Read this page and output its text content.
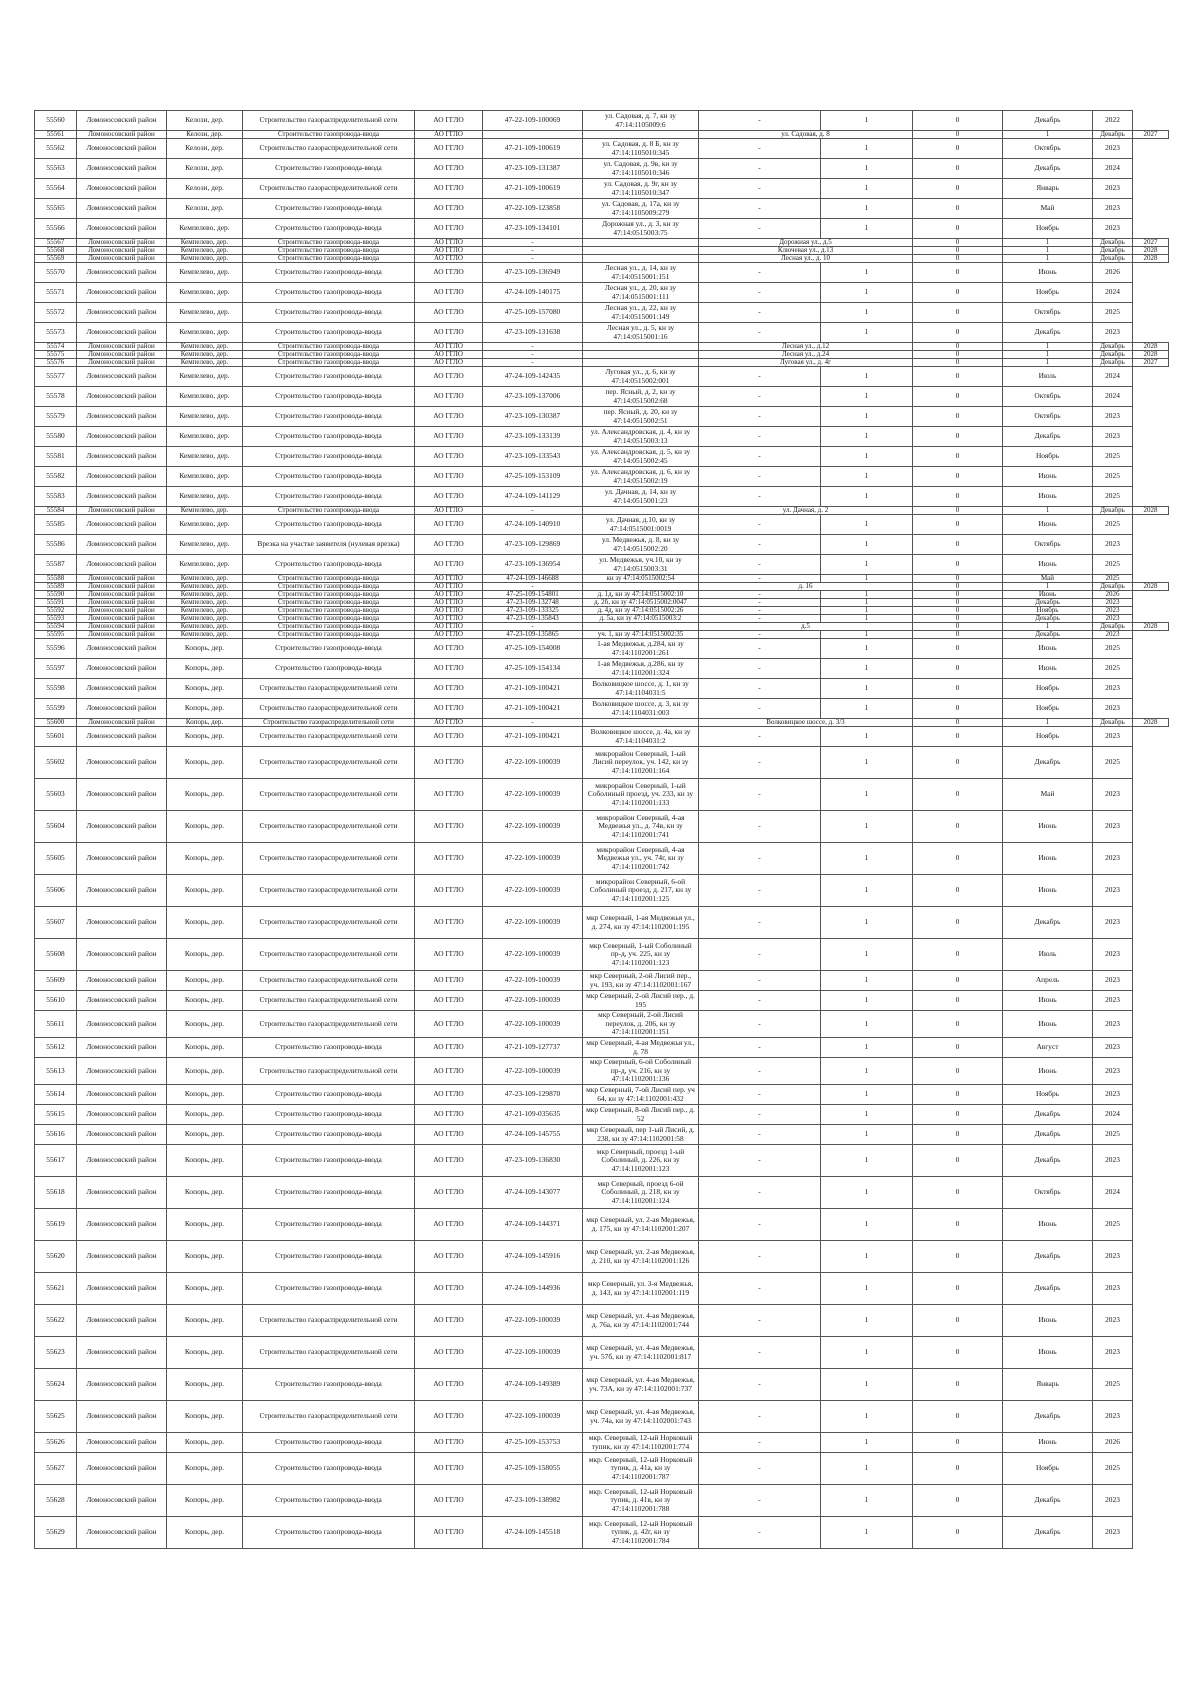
55560	Ломоносовский район	Келози, дер.	Строительство газораспределительной сети	АО ГГЛО	47-22-109-100069	ул. Садовая, д. 7, кн зу 47:14:1105009:6	-	1	0	Декабрь	2022	
55561	Ломоносовский район	Келози, дер.	Строительство газопровода-ввода	АО ГГЛО			ул. Садовая, д. 8		0	1	Декабрь	2027
55562	Ломоносовский район	Келози, дер.	Строительство газораспределительной сети	АО ГГЛО	47-21-109-100619	ул. Садовая, д. 8 Б, кн зу 47:14:1105010:345	-	1	0	Октябрь	2023	
55563	Ломоносовский район	Келози, дер.	Строительство газопровода-ввода	АО ГГЛО	47-23-109-131387	ул. Садовая, д. 9в, кн зу 47:14:1105010:346	-	1	0	Декабрь	2024	
55564	Ломоносовский район	Келози, дер.	Строительство газораспределительной сети	АО ГГЛО	47-21-109-100619	ул. Садовая, д. 9г, кн зу 47:14:1105010:347	-	1	0	Январь	2023	
55565	Ломоносовский район	Келози, дер.	Строительство газопровода-ввода	АО ГГЛО	47-22-109-123858	ул. Садовая, д. 17а, кн зу 47:14:1105009:279	-	1	0	Май	2023	
55566	Ломоносовский район	Кемпелево, дер.	Строительство газопровода-ввода	АО ГГЛО	47-23-109-134101	Дорожная ул., д. 3, кн зу 47:14:0515003:75	-	1	0	Ноябрь	2023	
55567	Ломоносовский район	Кемпелево, дер.	Строительство газопровода-ввода	АО ГГЛО	-		Дорожная ул., д.5		0	1	Декабрь	2027
55568	Ломоносовский район	Кемпелево, дер.	Строительство газопровода-ввода	АО ГГЛО	-		Ключевая ул., д.13		0	1	Декабрь	2028
55569	Ломоносовский район	Кемпелево, дер.	Строительство газопровода-ввода	АО ГГЛО	-		Лесная ул., д. 10		0	1	Декабрь	2028
55570	Ломоносовский район	Кемпелево, дер.	Строительство газопровода-ввода	АО ГГЛО	47-23-109-136949	Лесная ул., д. 14, кн зу 47:14:0515001:151	-	1	0	Июнь	2026	
55571	Ломоносовский район	Кемпелево, дер.	Строительство газопровода-ввода	АО ГГЛО	47-24-109-140175	Лесная ул., д. 20, кн зу 47:14:0515001:111	-	1	0	Ноябрь	2024	
55572	Ломоносовский район	Кемпелево, дер.	Строительство газопровода-ввода	АО ГГЛО	47-25-109-157080	Лесная ул., д. 22, кн зу 47:14:0515001:149	-	1	0	Октябрь	2025	
55573	Ломоносовский район	Кемпелево, дер.	Строительство газопровода-ввода	АО ГГЛО	47-23-109-131638	Лесная ул., д. 5, кн зу 47:14:0515001:16	-	1	0	Декабрь	2023	
55574	Ломоносовский район	Кемпелево, дер.	Строительство газопровода-ввода	АО ГГЛО	-		Лесная ул., д.12		0	1	Декабрь	2028
55575	Ломоносовский район	Кемпелево, дер.	Строительство газопровода-ввода	АО ГГЛО	-		Лесная ул., д.24		0	1	Декабрь	2028
55576	Ломоносовский район	Кемпелево, дер.	Строительство газопровода-ввода	АО ГГЛО	-		Луговая ул., д. 4г		0	1	Декабрь	2027
55577	Ломоносовский район	Кемпелево, дер.	Строительство газопровода-ввода	АО ГГЛО	47-24-109-142435	Луговая ул., д. 6, кн зу 47:14:0515002:001	-	1	0	Июль	2024	
55578	Ломоносовский район	Кемпелево, дер.	Строительство газопровода-ввода	АО ГГЛО	47-23-109-137006	пер. Ясный, д. 2, кн зу 47:14:0515002:68	-	1	0	Октябрь	2024	
55579	Ломоносовский район	Кемпелево, дер.	Строительство газопровода-ввода	АО ГГЛО	47-23-109-130387	пер. Ясный, д. 20, кн зу 47:14:0515002:51	-	1	0	Октябрь	2023	
55580	Ломоносовский район	Кемпелево, дер.	Строительство газопровода-ввода	АО ГГЛО	47-23-109-133139	ул. Александровская, д. 4, кн зу 47:14:0515003:13	-	1	0	Декабрь	2023	
55581	Ломоносовский район	Кемпелево, дер.	Строительство газопровода-ввода	АО ГГЛО	47-23-109-133543	ул. Александровская, д. 5, кн зу 47:14:0515002:45	-	1	0	Ноябрь	2025	
55582	Ломоносовский район	Кемпелево, дер.	Строительство газопровода-ввода	АО ГГЛО	47-25-109-153109	ул. Александровская, д. 6, кн зу 47:14:0515002:19	-	1	0	Июнь	2025	
55583	Ломоносовский район	Кемпелево, дер.	Строительство газопровода-ввода	АО ГГЛО	47-24-109-141129	ул. Дачная, д. 14, кн зу 47:14:0515001:23	-	1	0	Июнь	2025	
55584	Ломоносовский район	Кемпелево, дер.	Строительство газопровода-ввода	АО ГГЛО	-		ул. Дачная, д. 2		0	1	Декабрь	2028
55585	Ломоносовский район	Кемпелево, дер.	Строительство газопровода-ввода	АО ГГЛО	47-24-109-140910	ул. Дачная, д.10, кн зу 47:14:0515001:0019	-	1	0	Июнь	2025	
55586	Ломоносовский район	Кемпелево, дер.	Врезка на участке заявителя (нулевая врезка)	АО ГГЛО	47-23-109-129869	ул. Медвежья, д. 8, кн зу 47:14:0515002:20	-	1	0	Октябрь	2023	
55587	Ломоносовский район	Кемпелево, дер.	Строительство газопровода-ввода	АО ГГЛО	47-23-109-136954	ул. Медвежья, уч.10, кн зу 47:14:0515003:31	-	1	0	Июнь	2025	
55588	Ломоносовский район	Кемпелево, дер.	Строительство газопровода-ввода	АО ГГЛО	47-24-109-146688	кн зу 47:14:0515002:54	-	1	0	Май	2025	
55589	Ломоносовский район	Кемпелево, дер.	Строительство газопровода-ввода	АО ГГЛО	-		д. 16		0	1	Декабрь	2028
55590	Ломоносовский район	Кемпелево, дер.	Строительство газопровода-ввода	АО ГГЛО	47-25-109-154801	д. 1д, кн зу 47:14:0515002:10	-	1	0	Июнь	2026	
55591	Ломоносовский район	Кемпелево, дер.	Строительство газопровода-ввода	АО ГГЛО	47-23-109-132748	д. 2б, кн зу 47:14:0515002:0047	-	1	0	Декабрь	2023	
55592	Ломоносовский район	Кемпелево, дер.	Строительство газопровода-ввода	АО ГГЛО	47-23-109-133325	д. 4д, кн зу 47:14:0515002:26	-	1	0	Ноябрь	2023	
55593	Ломоносовский район	Кемпелево, дер.	Строительство газопровода-ввода	АО ГГЛО	47-23-109-135843	д. 5а, кн зу 47:14:0515003:2	-	1	0	Декабрь	2023	
55594	Ломоносовский район	Кемпелево, дер.	Строительство газопровода-ввода	АО ГГЛО	-		д.5		0	1	Декабрь	2028
55595	Ломоносовский район	Кемпелево, дер.	Строительство газопровода-ввода	АО ГГЛО	47-23-109-135865	уч. 1, кн зу 47:14:0515002:35	-	1	0	Декабрь	2023	
55596	Ломоносовский район	Копорь, дер.	Строительство газопровода-ввода	АО ГГЛО	47-25-109-154008	1-ая Медвежья, д.284, кн зу 47:14:1102001:261	-	1	0	Июнь	2025	
55597	Ломоносовский район	Копорь, дер.	Строительство газопровода-ввода	АО ГГЛО	47-25-109-154134	1-ая Медвежья, д.286, кн зу 47:14:1102001:324	-	1	0	Июнь	2025	
55598	Ломоносовский район	Копорь, дер.	Строительство газораспределительной сети	АО ГГЛО	47-21-109-100421	Волковицкое шоссе, д. 1, кн зу 47:14:1104031:5	-	1	0	Ноябрь	2023	
55599	Ломоносовский район	Копорь, дер.	Строительство газораспределительной сети	АО ГГЛО	47-21-109-100421	Волковицкое шоссе, д. 3, кн зу 47:14:1104031:003	-	1	0	Ноябрь	2023	
55600	Ломоносовский район	Копорь, дер.	Строительство газораспределительной сети	АО ГГЛО	-		Волковицкое шоссе, д. 3/3		0	1	Декабрь	2028
55601	Ломоносовский район	Копорь, дер.	Строительство газораспределительной сети	АО ГГЛО	47-21-109-100421	Волковицкое шоссе, д. 4а, кн зу 47:14:1104031:2	-	1	0	Ноябрь	2023	
55602	Ломоносовский район	Копорь, дер.	Строительство газораспределительной сети	АО ГГЛО	47-22-109-100039	микрорайон Северный, 1-ый Лисий переулок, уч. 142, кн зу 47:14:1102001:164	-	1	0	Декабрь	2025	
55603	Ломоносовский район	Копорь, дер.	Строительство газораспределительной сети	АО ГГЛО	47-22-109-100039	микрорайон Северный, 1-ый Соболиный проезд, уч. 233, кн зу 47:14:1102001:133	-	1	0	Май	2023	
55604	Ломоносовский район	Копорь, дер.	Строительство газораспределительной сети	АО ГГЛО	47-22-109-100039	микрорайон Северный, 4-ая Медвежья ул., д. 74в, кн зу 47:14:1102001:741	-	1	0	Июнь	2023	
55605	Ломоносовский район	Копорь, дер.	Строительство газораспределительной сети	АО ГГЛО	47-22-109-100039	микрорайон Северный, 4-ая Медвежья ул., уч. 74г, кн зу 47:14:1102001:742	-	1	0	Июнь	2023	
55606	Ломоносовский район	Копорь, дер.	Строительство газораспределительной сети	АО ГГЛО	47-22-109-100039	микрорайон Северный, 6-ой Соболиный проезд, д. 217, кн зу 47:14:1102001:125	-	1	0	Июнь	2023	
55607	Ломоносовский район	Копорь, дер.	Строительство газораспределительной сети	АО ГГЛО	47-22-109-100039	мкр Северный, 1-ая Медвежья ул., д. 274, кн зу 47:14:1102001:195	-	1	0	Декабрь	2023	
55608	Ломоносовский район	Копорь, дер.	Строительство газораспределительной сети	АО ГГЛО	47-22-109-100039	мкр Северный, 1-ый Соболиный пр-д, уч. 225, кн зу 47:14:1102001:123	-	1	0	Июль	2023	
55609	Ломоносовский район	Копорь, дер.	Строительство газораспределительной сети	АО ГГЛО	47-22-109-100039	мкр Северный, 2-ой Лисий пер., уч. 193, кн зу 47:14:1102001:167	-	1	0	Апрель	2023	
55610	Ломоносовский район	Копорь, дер.	Строительство газораспределительной сети	АО ГГЛО	47-22-109-100039	мкр Северный, 2-ой Лисий пер., д. 195	-	1	0	Июнь	2023	
55611	Ломоносовский район	Копорь, дер.	Строительство газораспределительной сети	АО ГГЛО	47-22-109-100039	мкр Северный, 2-ой Лисий переулок, д. 206, кн зу 47:14:1102001:151	-	1	0	Июнь	2023	
55612	Ломоносовский район	Копорь, дер.	Строительство газопровода-ввода	АО ГГЛО	47-21-109-127737	мкр Северный, 4-ая Медвежья ул., д. 78	-	1	0	Август	2023	
55613	Ломоносовский район	Копорь, дер.	Строительство газораспределительной сети	АО ГГЛО	47-22-109-100039	мкр Северный, 6-ой Соболиный пр-д, уч. 216, кн зу 47:14:1102001:136	-	1	0	Июнь	2023	
55614	Ломоносовский район	Копорь, дер.	Строительство газопровода-ввода	АО ГГЛО	47-23-109-129870	мкр Северный, 7-ой Лисий пер. уч 64, кн зу 47:14:1102001:432	-	1	0	Ноябрь	2023	
55615	Ломоносовский район	Копорь, дер.	Строительство газопровода-ввода	АО ГГЛО	47-21-109-035635	мкр Северный, 8-ой Лисий пер., д. 52	-	1	0	Декабрь	2024	
55616	Ломоносовский район	Копорь, дер.	Строительство газопровода-ввода	АО ГГЛО	47-24-109-145755	мкр Северный, пер 1-ый Лисий, д. 238, кн зу 47:14:1102001:58	-	1	0	Декабрь	2025	
55617	Ломоносовский район	Копорь, дер.	Строительство газопровода-ввода	АО ГГЛО	47-23-109-136830	мкр Северный, проезд 1-ый Соболиный, д. 226, кн зу 47:14:1102001:123	-	1	0	Декабрь	2023	
55618	Ломоносовский район	Копорь, дер.	Строительство газопровода-ввода	АО ГГЛО	47-24-109-143077	мкр Северный, проезд 6-ой Соболиный, д. 218, кн зу 47:14:1102001:124	-	1	0	Октябрь	2024	
55619	Ломоносовский район	Копорь, дер.	Строительство газопровода-ввода	АО ГГЛО	47-24-109-144371	мкр Северный, ул. 2-ая Медвежья, д. 175, кн зу 47:14:1102001:207	-	1	0	Июнь	2025	
55620	Ломоносовский район	Копорь, дер.	Строительство газопровода-ввода	АО ГГЛО	47-24-109-145916	мкр Северный, ул. 2-ая Медвежья, д. 210, кн зу 47:14:1102001:126	-	1	0	Декабрь	2023	
55621	Ломоносовский район	Копорь, дер.	Строительство газопровода-ввода	АО ГГЛО	47-24-109-144936	мкр Северный, ул. 3-я Медвежья, д. 143, кн зу 47:14:1102001:119	-	1	0	Декабрь	2023	
55622	Ломоносовский район	Копорь, дер.	Строительство газораспределительной сети	АО ГГЛО	47-22-109-100039	мкр Северный, ул. 4-ая Медвежья, д. 76а, кн зу 47:14:1102001:744	-	1	0	Июнь	2023	
55623	Ломоносовский район	Копорь, дер.	Строительство газораспределительной сети	АО ГГЛО	47-22-109-100039	мкр Северный, ул. 4-ая Медвежья, уч. 57б, кн зу 47:14:1102001:817	-	1	0	Июнь	2023	
55624	Ломоносовский район	Копорь, дер.	Строительство газопровода-ввода	АО ГГЛО	47-24-109-149389	мкр Северный, ул. 4-ая Медвежья, уч. 73А, кн зу 47:14:1102001:737	-	1	0	Январь	2025	
55625	Ломоносовский район	Копорь, дер.	Строительство газораспределительной сети	АО ГГЛО	47-22-109-100039	мкр Северный, ул. 4-ая Медвежья, уч. 74а, кн зу 47:14:1102001:743	-	1	0	Декабрь	2023	
55626	Ломоносовский район	Копорь, дер.	Строительство газопровода-ввода	АО ГГЛО	47-25-109-153753	мкр. Северный, 12-ый Норковый тупик, кн зу 47:14:1102001:774	-	1	0	Июнь	2026	
55627	Ломоносовский район	Копорь, дер.	Строительство газопровода-ввода	АО ГГЛО	47-25-109-158055	мкр. Северный, 12-ый Норковый тупик, д. 41а, кн зу 47:14:1102001:787	-	1	0	Ноябрь	2025	
55628	Ломоносовский район	Копорь, дер.	Строительство газопровода-ввода	АО ГГЛО	47-23-109-138982	мкр. Северный, 12-ый Норковый тупик, д. 41в, кн зу 47:14:1102001:788	-	1	0	Декабрь	2023	
55629	Ломоносовский район	Копорь, дер.	Строительство газопровода-ввода	АО ГГЛО	47-24-109-145518	мкр. Северный, 12-ый Норковый тупик, д. 42г, кн зу 47:14:1102001:784	-	1	0	Декабрь	2023	
